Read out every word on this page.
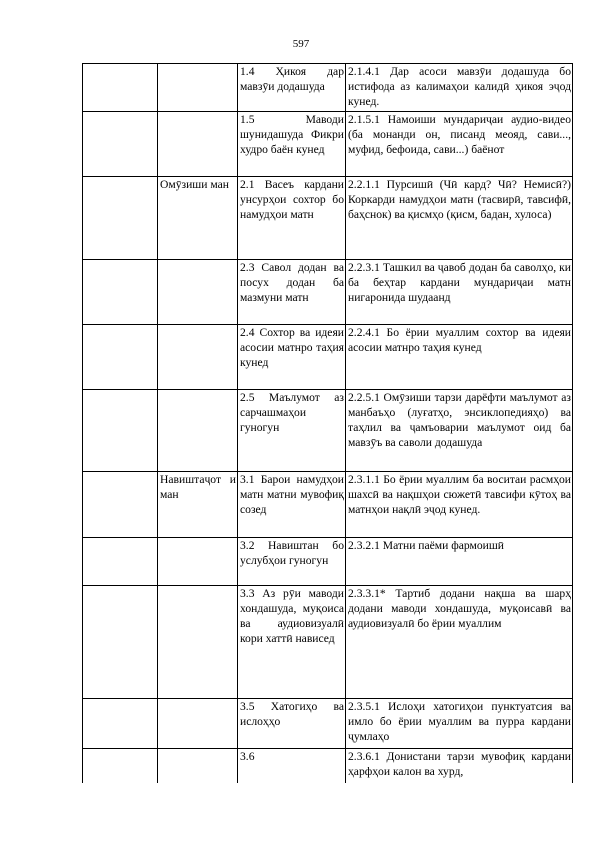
597
		1.4 Ҳикоя дар мавзӯи додашуда	2.1.4.1 Дар асоси мавзӯи додашуда бо истифода аз калимаҳои калидӣ ҳикоя эҷод кунед.
		1.5 Маводи шунидашуда Фикри худро баён кунед	2.1.5.1 Намоиши мундариҷаи аудио-видео (ба монанди он, писанд меояд, сави..., муфид, бефоида, сави...) баёнот
	Омӯзиши ман	2.1 Васеъ кардани унсурҳои сохтор бо намудҳои матн	2.2.1.1 Пурсишӣ (Чӣ кард? Чӣ? Немисӣ?) Коркарди намудҳои матн (тасвирӣ, тавсифӣ, баҳснок) ва қисмҳо (қисм, бадан, хулоса)
		2.3 Савол додан ва посух додан ба мазмуни матн	2.2.3.1 Ташкил ва ҷавоб додан ба саволҳо, ки ба беҳтар кардани мундариҷаи матн нигаронида шудаанд
		2.4 Сохтор ва идеяи асосии матнро таҳия кунед	2.2.4.1 Бо ёрии муаллим сохтор ва идеяи асосии матнро таҳия кунед
		2.5 Маълумот аз сарчашмаҳои гуногун	2.2.5.1 Омӯзиши тарзи дарёфти маълумот аз манбаъҳо (луғатҳо, энсиклопедияҳо) ва таҳлил ва ҷамъоварии маълумот оид ба мавзӯъ ва саволи додашуда
	Навиштаҷот и ман	3.1 Барои намудҳои матн матни мувофиқ созед	2.3.1.1 Бо ёрии муаллим ба воситаи расмҳои шахсӣ ва нақшҳои сюжетӣ тавсифи кӯтоҳ ва матнҳои нақлӣ эҷод кунед.
		3.2 Навиштан бо услубҳои гуногун	2.3.2.1 Матни паёми фармоишӣ
		3.3 Аз рӯи маводи хондашуда, муқоиса ва аудиовизуалӣ кори хаттӣ нависед	2.3.3.1* Тартиб додани нақша ва шарҳ додани маводи хондашуда, муқоисавӣ ва аудиовизуалӣ бо ёрии муаллим
		3.5 Хатогиҳо ва ислоҳҳо	2.3.5.1 Ислоҳи хатогиҳои пунктуатсия ва имло бо ёрии муаллим ва пурра кардани ҷумлаҳо
		3.6	2.3.6.1 Донистани тарзи мувофиқ кардани ҳарфҳои калон ва хурд,
